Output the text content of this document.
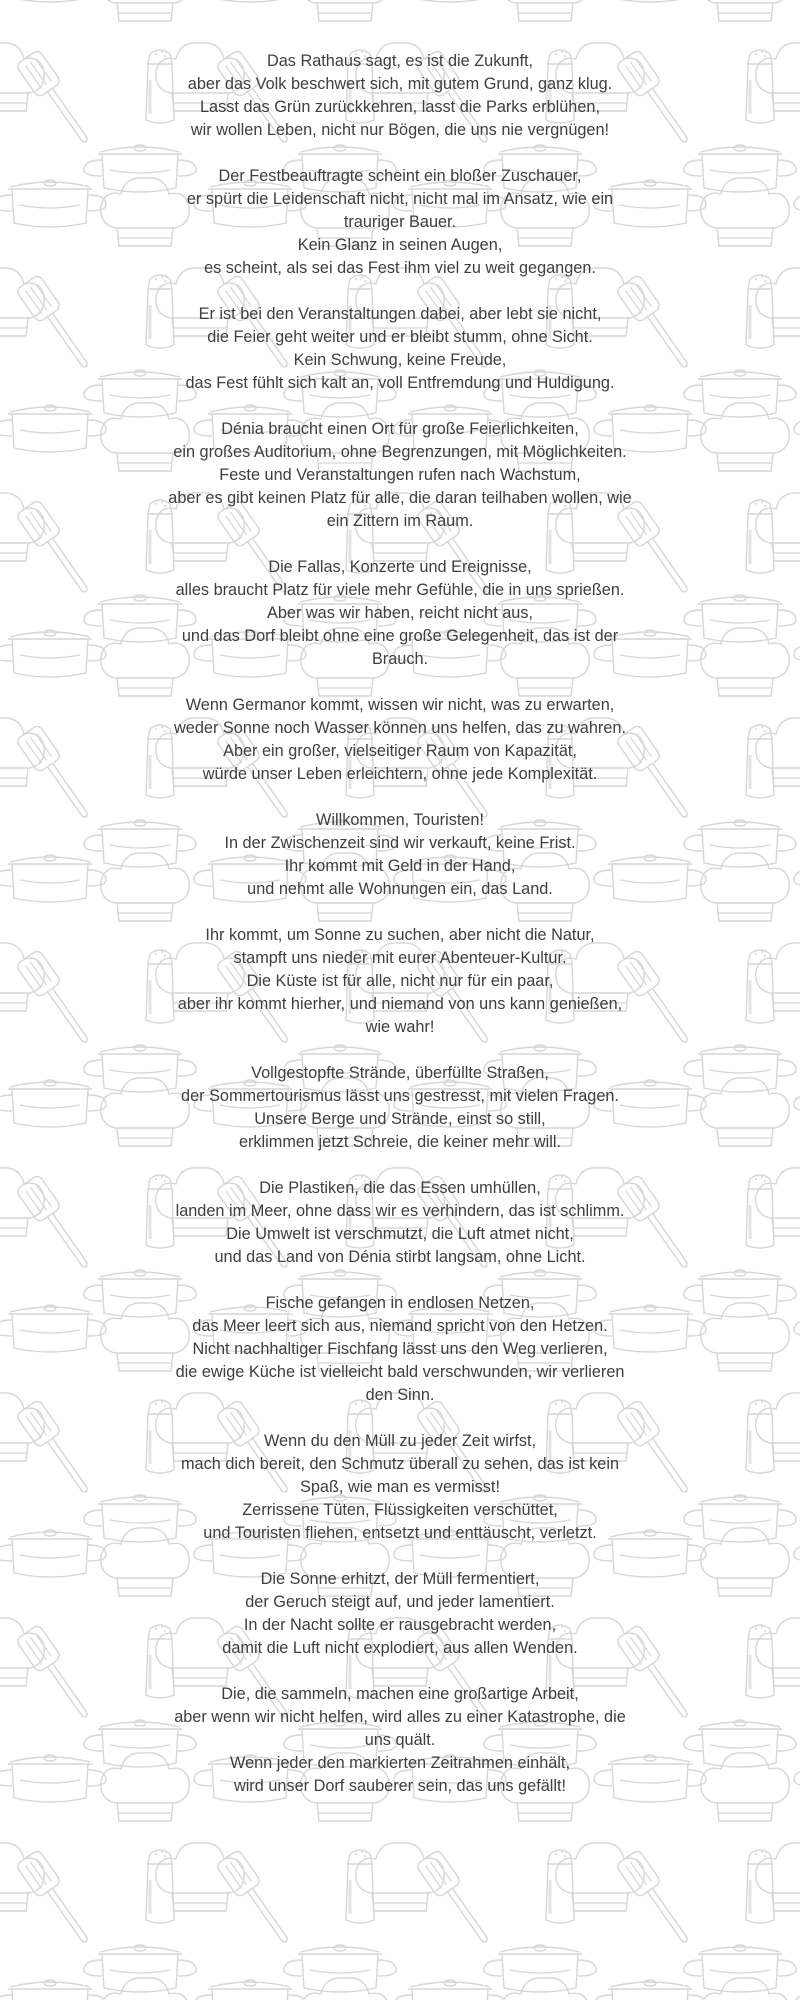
Das Rathaus sagt, es ist die Zukunft,
aber das Volk beschwert sich, mit gutem Grund, ganz klug.
Lasst das Grün zurückkehren, lasst die Parks erblühen,
wir wollen Leben, nicht nur Bögen, die uns nie vergnügen!

Der Festbeauftragte scheint ein bloßer Zuschauer,
er spürt die Leidenschaft nicht, nicht mal im Ansatz, wie ein
trauriger Bauer.
Kein Glanz in seinen Augen,
es scheint, als sei das Fest ihm viel zu weit gegangen.

Er ist bei den Veranstaltungen dabei, aber lebt sie nicht,
die Feier geht weiter und er bleibt stumm, ohne Sicht.
Kein Schwung, keine Freude,
das Fest fühlt sich kalt an, voll Entfremdung und Huldigung.

Dénia braucht einen Ort für große Feierlichkeiten,
ein großes Auditorium, ohne Begrenzungen, mit Möglichkeiten.
Feste und Veranstaltungen rufen nach Wachstum,
aber es gibt keinen Platz für alle, die daran teilhaben wollen, wie
ein Zittern im Raum.

Die Fallas, Konzerte und Ereignisse,
alles braucht Platz für viele mehr Gefühle, die in uns sprießen.
Aber was wir haben, reicht nicht aus,
und das Dorf bleibt ohne eine große Gelegenheit, das ist der
Brauch.

Wenn Germanor kommt, wissen wir nicht, was zu erwarten,
weder Sonne noch Wasser können uns helfen, das zu wahren.
Aber ein großer, vielseitiger Raum von Kapazität,
würde unser Leben erleichtern, ohne jede Komplexität.

Willkommen, Touristen!
In der Zwischenzeit sind wir verkauft, keine Frist.
Ihr kommt mit Geld in der Hand,
und nehmt alle Wohnungen ein, das Land.

Ihr kommt, um Sonne zu suchen, aber nicht die Natur,
stampft uns nieder mit eurer Abenteuer-Kultur.
Die Küste ist für alle, nicht nur für ein paar,
aber ihr kommt hierher, und niemand von uns kann genießen,
wie wahr!

Vollgestopfte Strände, überfüllte Straßen,
der Sommertourismus lässt uns gestresst, mit vielen Fragen.
Unsere Berge und Strände, einst so still,
erklimmen jetzt Schreie, die keiner mehr will.

Die Plastiken, die das Essen umhüllen,
landen im Meer, ohne dass wir es verhindern, das ist schlimm.
Die Umwelt ist verschmutzt, die Luft atmet nicht,
und das Land von Dénia stirbt langsam, ohne Licht.

Fische gefangen in endlosen Netzen,
das Meer leert sich aus, niemand spricht von den Hetzen.
Nicht nachhaltiger Fischfang lässt uns den Weg verlieren,
die ewige Küche ist vielleicht bald verschwunden, wir verlieren
den Sinn.

Wenn du den Müll zu jeder Zeit wirfst,
mach dich bereit, den Schmutz überall zu sehen, das ist kein
Spaß, wie man es vermisst!
Zerrissene Tüten, Flüssigkeiten verschüttet,
und Touristen fliehen, entsetzt und enttäuscht, verletzt.

Die Sonne erhitzt, der Müll fermentiert,
der Geruch steigt auf, und jeder lamentiert.
In der Nacht sollte er rausgebracht werden,
damit die Luft nicht explodiert, aus allen Wenden.

Die, die sammeln, machen eine großartige Arbeit,
aber wenn wir nicht helfen, wird alles zu einer Katastrophe, die
uns quält.
Wenn jeder den markierten Zeitrahmen einhält,
wird unser Dorf sauberer sein, das uns gefällt!
